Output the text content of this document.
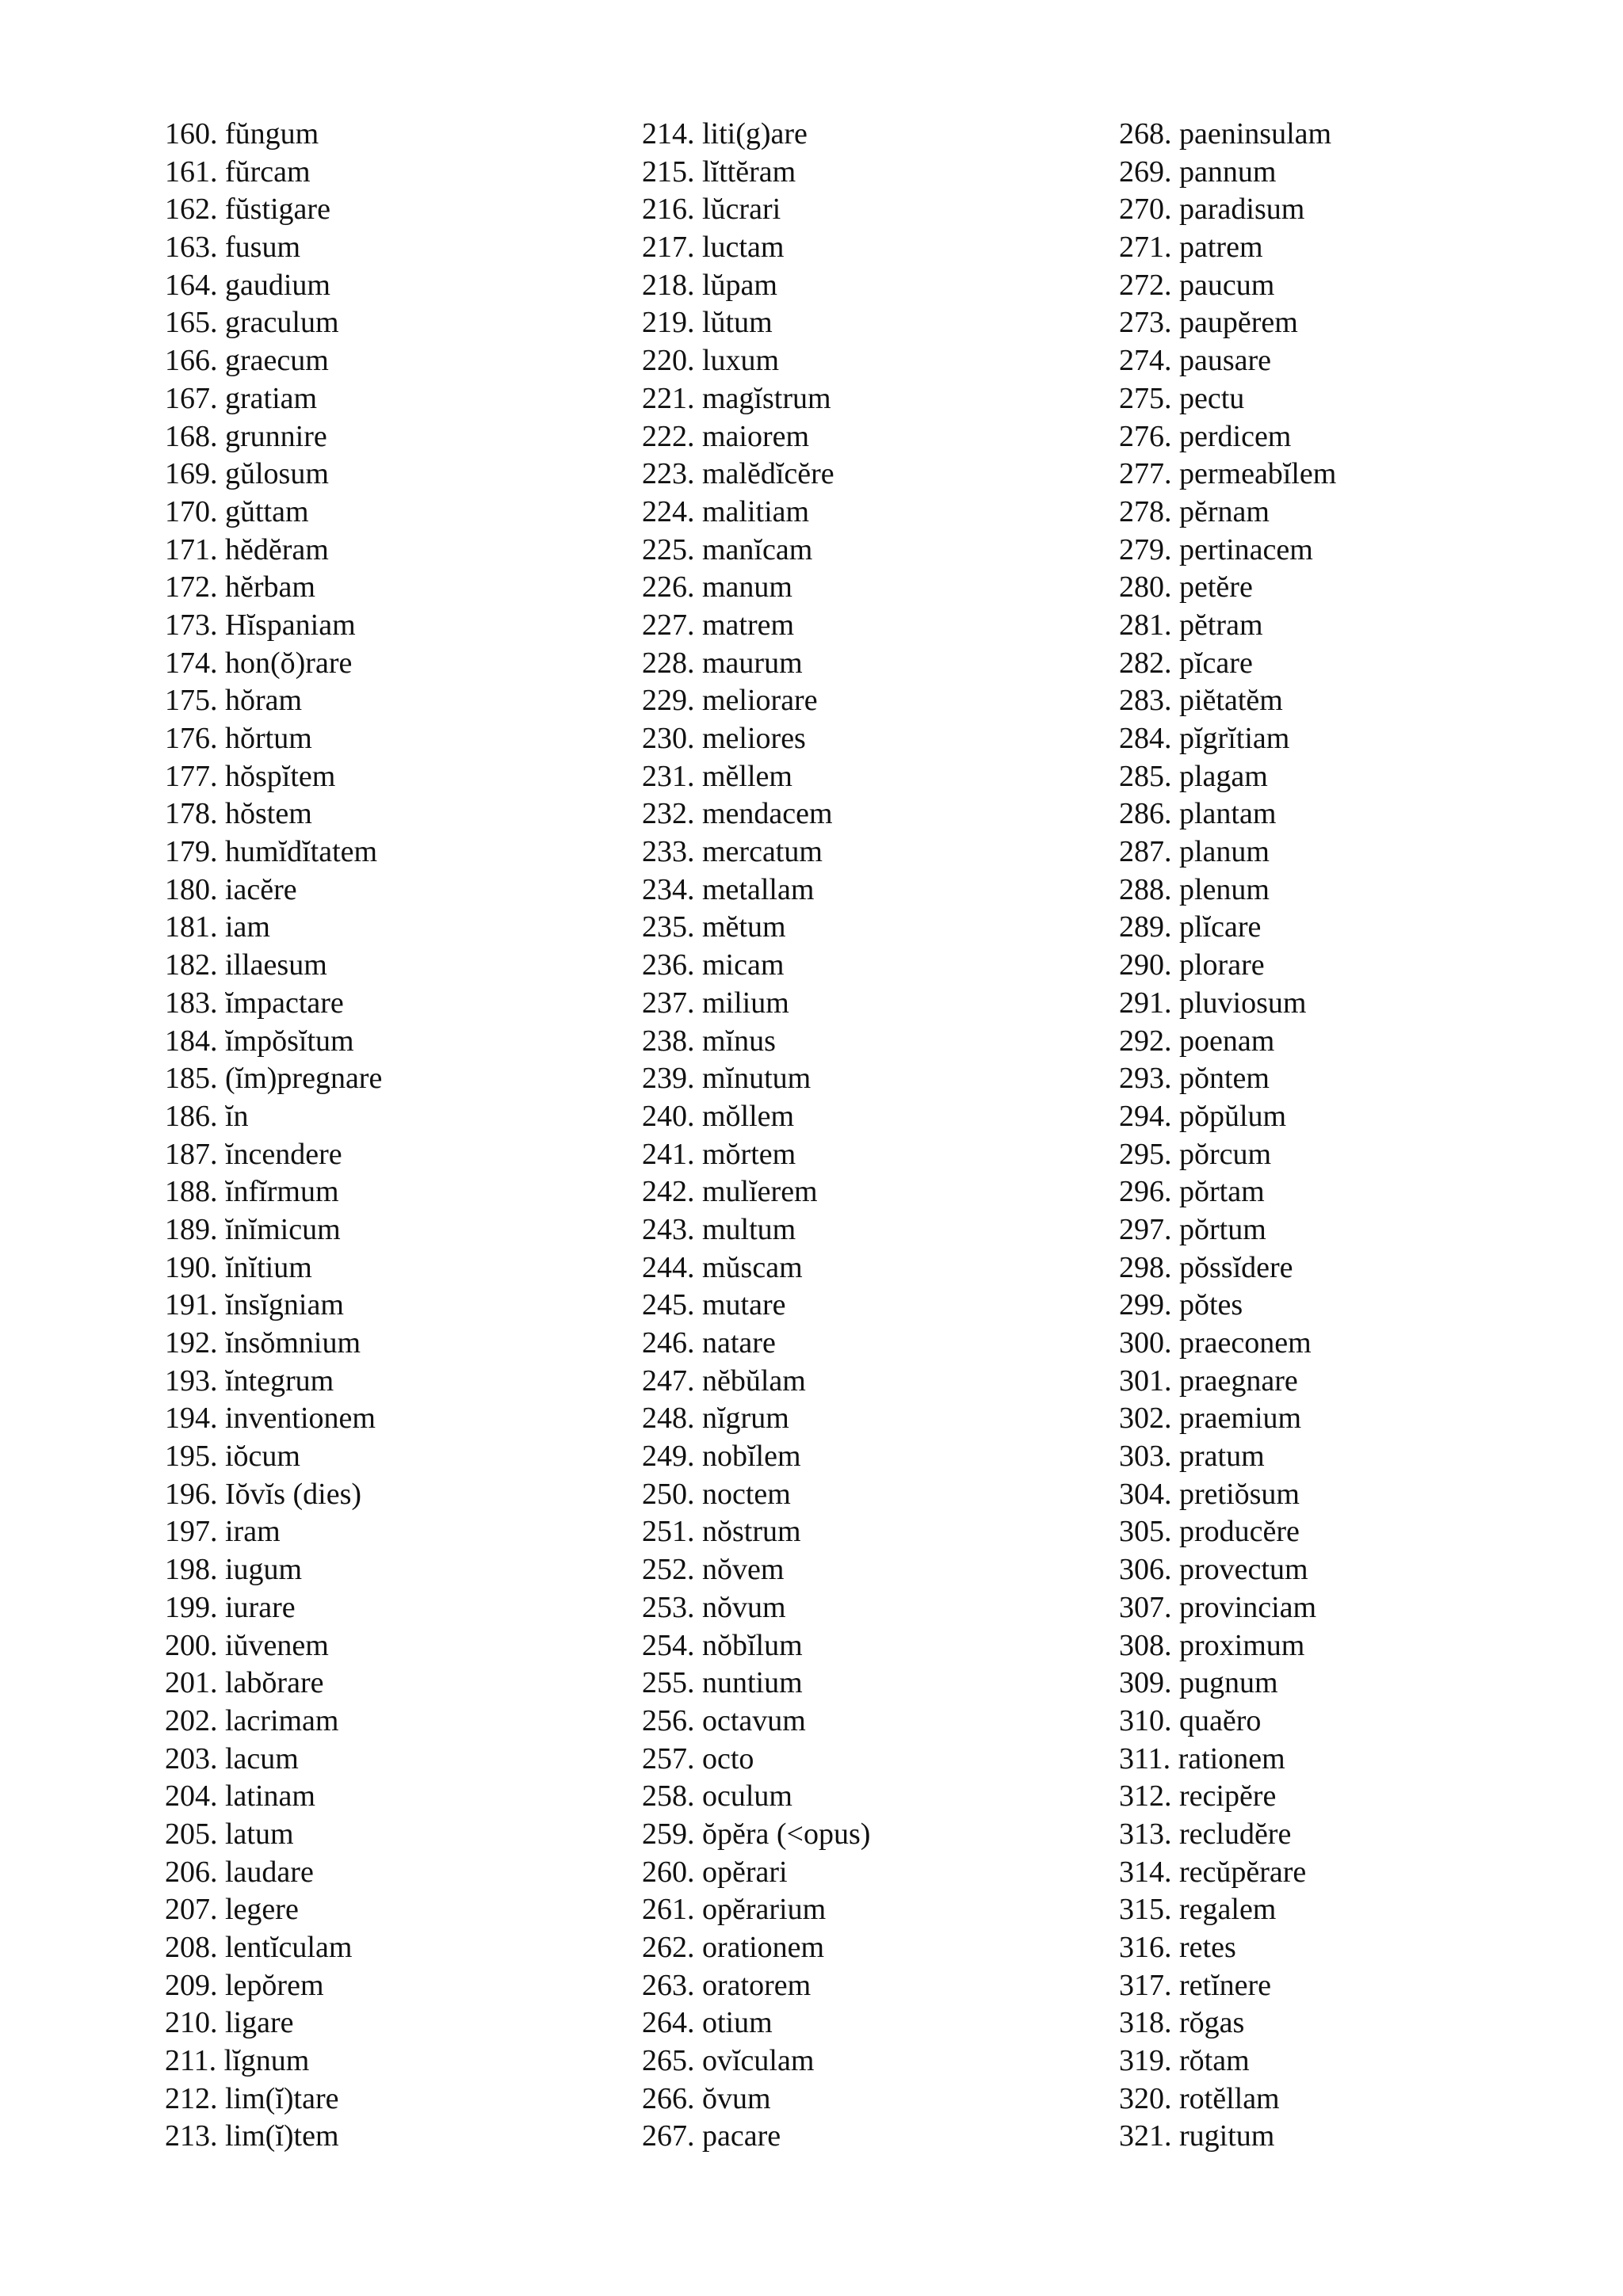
160. fŭngum
161. fŭrcam
162. fŭstigare
163. fusum
164. gaudium
165. graculum
166. graecum
167. gratiam
168. grunnire
169. gŭlosum
170. gŭttam
171. hĕdĕram
172. hĕrbam
173. Hĭspaniam
174. hon(ŏ)rare
175. hŏram
176. hŏrtum
177. hŏspĭtem
178. hŏstem
179. humĭdĭtatem
180. iacĕre
181. iam
182. illaesum
183. ĭmpactare
184. ĭmpŏsĭtum
185. (ĭm)pregnare
186. ĭn
187. ĭncendere
188. ĭnfĭrmum
189. ĭnĭmicum
190. ĭnĭtium
191. ĭnsĭgniam
192. ĭnsŏmnium
193. ĭntegrum
194. inventionem
195. iŏcum
196. Iŏvĭs (dies)
197. iram
198. iugum
199. iurare
200. iŭvenem
201. labŏrare
202. lacrimam
203. lacum
204. latinam
205. latum
206. laudare
207. legere
208. lentĭculam
209. lepŏrem
210. ligare
211. lĭgnum
212. lim(ĭ)tare
213. lim(ĭ)tem
214. liti(g)are
215. lĭttĕram
216. lŭcrari
217. luctam
218. lŭpam
219. lŭtum
220. luxum
221. magĭstrum
222. maiorem
223. malĕdĭcĕre
224. malitiam
225. manĭcam
226. manum
227. matrem
228. maurum
229. meliorare
230. meliores
231. mĕllem
232. mendacem
233. mercatum
234. metallam
235. mĕtum
236. micam
237. milium
238. mĭnus
239. mĭnutum
240. mŏllem
241. mŏrtem
242. mulĭerem
243. multum
244. mŭscam
245. mutare
246. natare
247. nĕbŭlam
248. nĭgrum
249. nobĭlem
250. noctem
251. nŏstrum
252. nŏvem
253. nŏvum
254. nŏbĭlum
255. nuntium
256. octavum
257. octo
258. oculum
259. ŏpĕra (<opus)
260. opĕrari
261. opĕrarium
262. orationem
263. oratorem
264. otium
265. ovĭculam
266. ŏvum
267. pacare
268. paeninsulam
269. pannum
270. paradisum
271. patrem
272. paucum
273. paupĕrem
274. pausare
275. pectu
276. perdicem
277. permeabĭlem
278. pĕrnam
279. pertinacem
280. petĕre
281. pĕtram
282. pĭcare
283. piĕtatĕm
284. pĭgrĭtiam
285. plagam
286. plantam
287. planum
288. plenum
289. plĭcare
290. plorare
291. pluviosum
292. poenam
293. pŏntem
294. pŏpŭlum
295. pŏrcum
296. pŏrtam
297. pŏrtum
298. pŏssĭdere
299. pŏtes
300. praeconem
301. praegnare
302. praemium
303. pratum
304. pretiŏsum
305. producĕre
306. provectum
307. provinciam
308. proximum
309. pugnum
310. quaĕro
311. rationem
312. recipĕre
313. recludĕre
314. recŭpĕrare
315. regalem
316. retes
317. retĭnere
318. rŏgas
319. rŏtam
320. rotĕllam
321. rugitum
